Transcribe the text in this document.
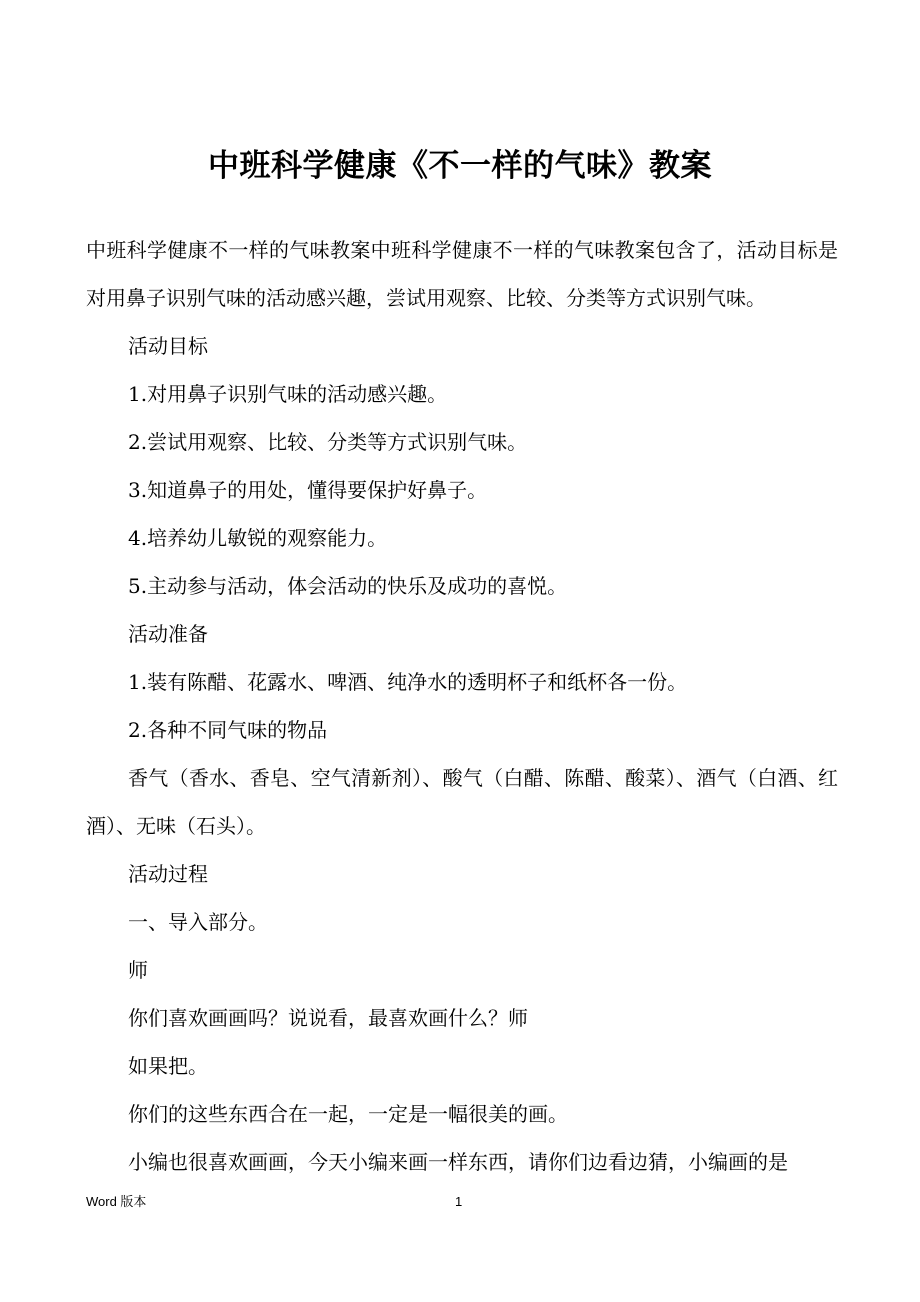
中班科学健康《不一样的气味》教案

中班科学健康不一样的气味教案中班科学健康不一样的气味教案包含了，活动目标是对用鼻子识别气味的活动感兴趣，尝试用观察、比较、分类等方式识别气味。

活动目标

1.对用鼻子识别气味的活动感兴趣。

2.尝试用观察、比较、分类等方式识别气味。

3.知道鼻子的用处，懂得要保护好鼻子。

4.培养幼儿敏锐的观察能力。

5.主动参与活动，体会活动的快乐及成功的喜悦。

活动准备

1.装有陈醋、花露水、啤酒、纯净水的透明杯子和纸杯各一份。

2.各种不同气味的物品

香气（香水、香皂、空气清新剂）、酸气（白醋、陈醋、酸菜）、酒气（白酒、红酒）、无味（石头）。

活动过程

一、导入部分。

师

你们喜欢画画吗？说说看，最喜欢画什么？师

如果把。

你们的这些东西合在一起，一定是一幅很美的画。

小编也很喜欢画画，今天小编来画一样东西，请你们边看边猜，小编画的是

Word 版本	1
